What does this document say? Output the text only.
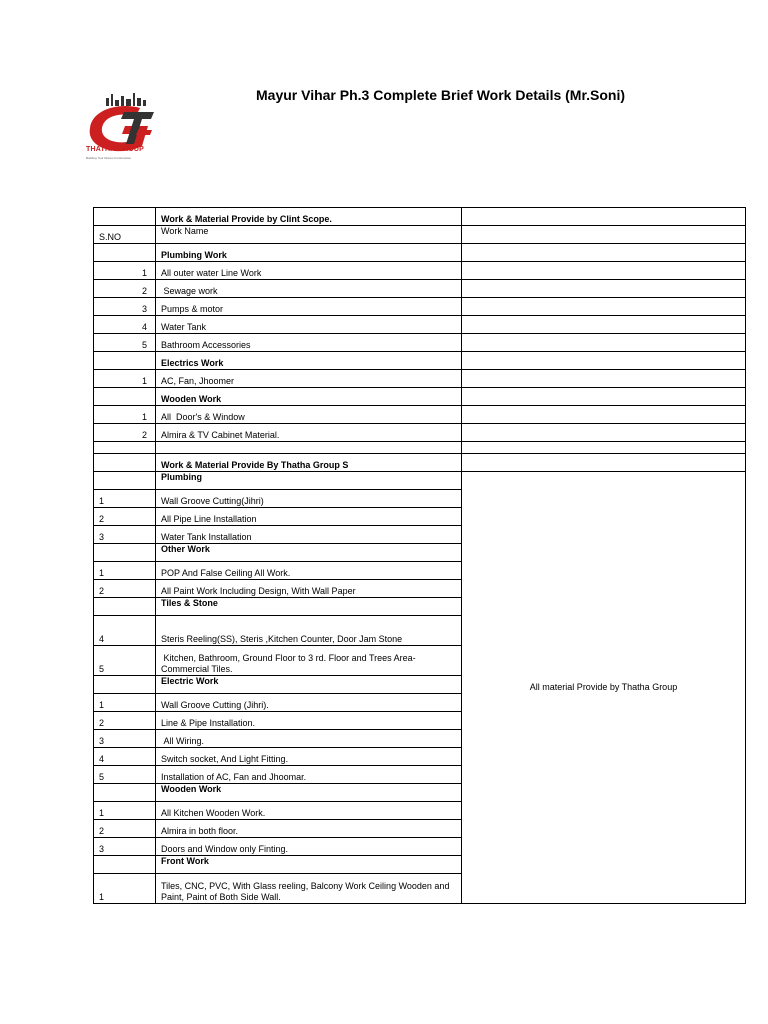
THATHA GROUP
Building Your Dream Construction
Mayur Vihar Ph.3 Complete Brief Work Details (Mr.Soni)
	Work & Material Provide by Clint Scope.	
S.NO	Work Name	
	Plumbing Work	
1	All outer water Line Work	
2	Sewage work	
3	Pumps & motor	
4	Water Tank	
5	Bathroom Accessories	
	Electrics Work	
1	AC, Fan, Jhoomer	
	Wooden Work	
1	All  Door's & Window	
2	Almira & TV Cabinet Material.	

	Work & Material Provide By Thatha Group S	
	Plumbing	All material Provide by Thatha Group
1	Wall Groove Cutting(Jihri)	
2	All Pipe Line Installation	
3	Water Tank Installation	
	Other Work	
1	POP And False Ceiling All Work.	
2	All Paint Work Including Design, With Wall Paper	
	Tiles & Stone	
4	Steris Reeling(SS), Steris ,Kitchen Counter, Door Jam Stone	
5	Kitchen, Bathroom, Ground Floor to 3 rd. Floor and Trees Area- Commercial Tiles.	
	Electric Work	
1	Wall Groove Cutting (Jihri).	
2	Line & Pipe Installation.	
3	All Wiring.	
4	Switch socket, And Light Fitting.	
5	Installation of AC, Fan and Jhoomar.	
	Wooden Work	
1	All Kitchen Wooden Work.	
2	Almira in both floor.	
3	Doors and Window only Finting.	
	Front Work	
1	Tiles, CNC, PVC, With Glass reeling, Balcony Work Ceiling Wooden and Paint, Paint of Both Side Wall.	
